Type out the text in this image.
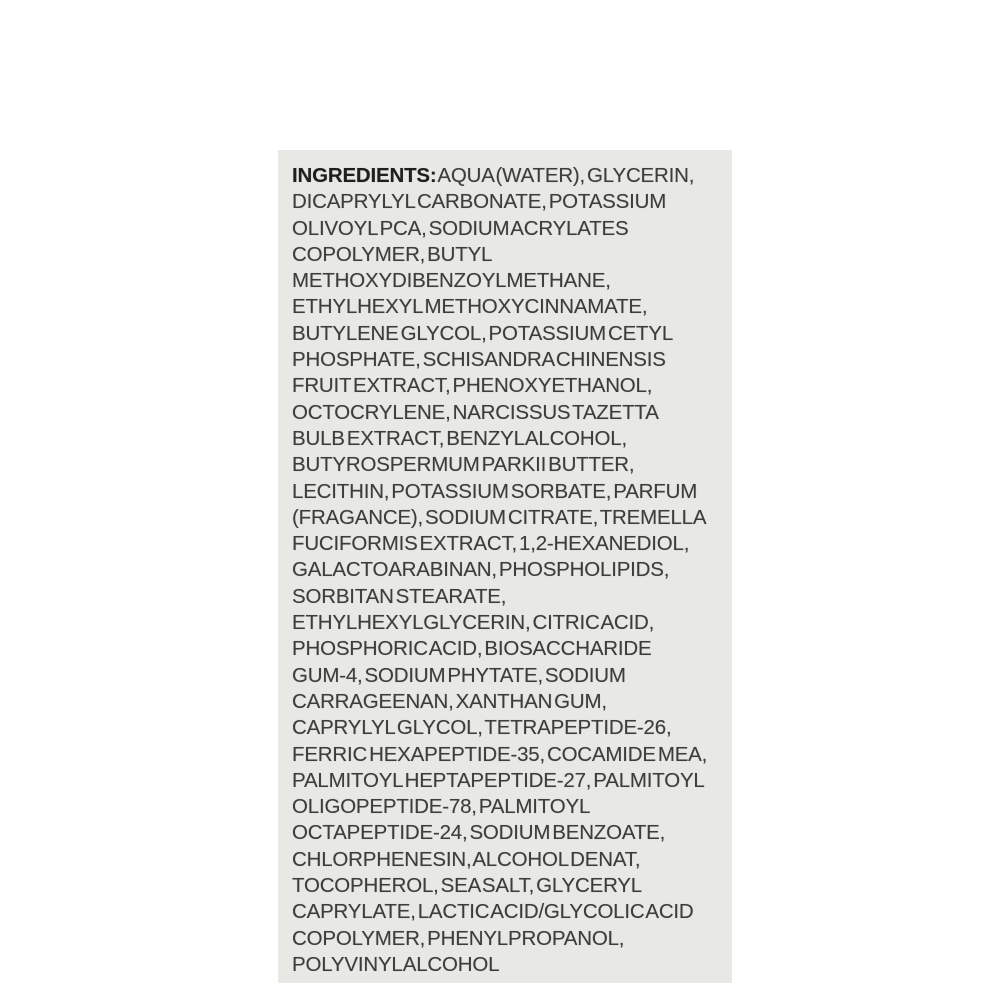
INGREDIENTS: AQUA (WATER), GLYCERIN,
DICAPRYLYL CARBONATE, POTASSIUM
OLIVOYL PCA, SODIUM ACRYLATES
COPOLYMER, BUTYL
METHOXYDIBENZOYLMETHANE,
ETHYLHEXYL METHOXYCINNAMATE,
BUTYLENE GLYCOL, POTASSIUM CETYL
PHOSPHATE, SCHISANDRA CHINENSIS
FRUIT EXTRACT, PHENOXYETHANOL,
OCTOCRYLENE, NARCISSUS TAZETTA
BULB EXTRACT, BENZYL ALCOHOL,
BUTYROSPERMUM PARKII BUTTER,
LECITHIN, POTASSIUM SORBATE, PARFUM
(FRAGANCE), SODIUM CITRATE, TREMELLA
FUCIFORMIS EXTRACT, 1,2-HEXANEDIOL,
GALACTOARABINAN, PHOSPHOLIPIDS,
SORBITAN STEARATE,
ETHYLHEXYLGLYCERIN, CITRIC ACID,
PHOSPHORIC ACID, BIOSACCHARIDE
GUM-4, SODIUM PHYTATE, SODIUM
CARRAGEENAN, XANTHAN GUM,
CAPRYLYL GLYCOL, TETRAPEPTIDE-26,
FERRIC HEXAPEPTIDE-35, COCAMIDE MEA,
PALMITOYL HEPTAPEPTIDE-27, PALMITOYL
OLIGOPEPTIDE-78, PALMITOYL
OCTAPEPTIDE-24, SODIUM BENZOATE,
CHLORPHENESIN, ALCOHOL DENAT,
TOCOPHEROL, SEA SALT, GLYCERYL
CAPRYLATE, LACTIC ACID/GLYCOLIC ACID
COPOLYMER, PHENYLPROPANOL,
POLYVINYL ALCOHOL
